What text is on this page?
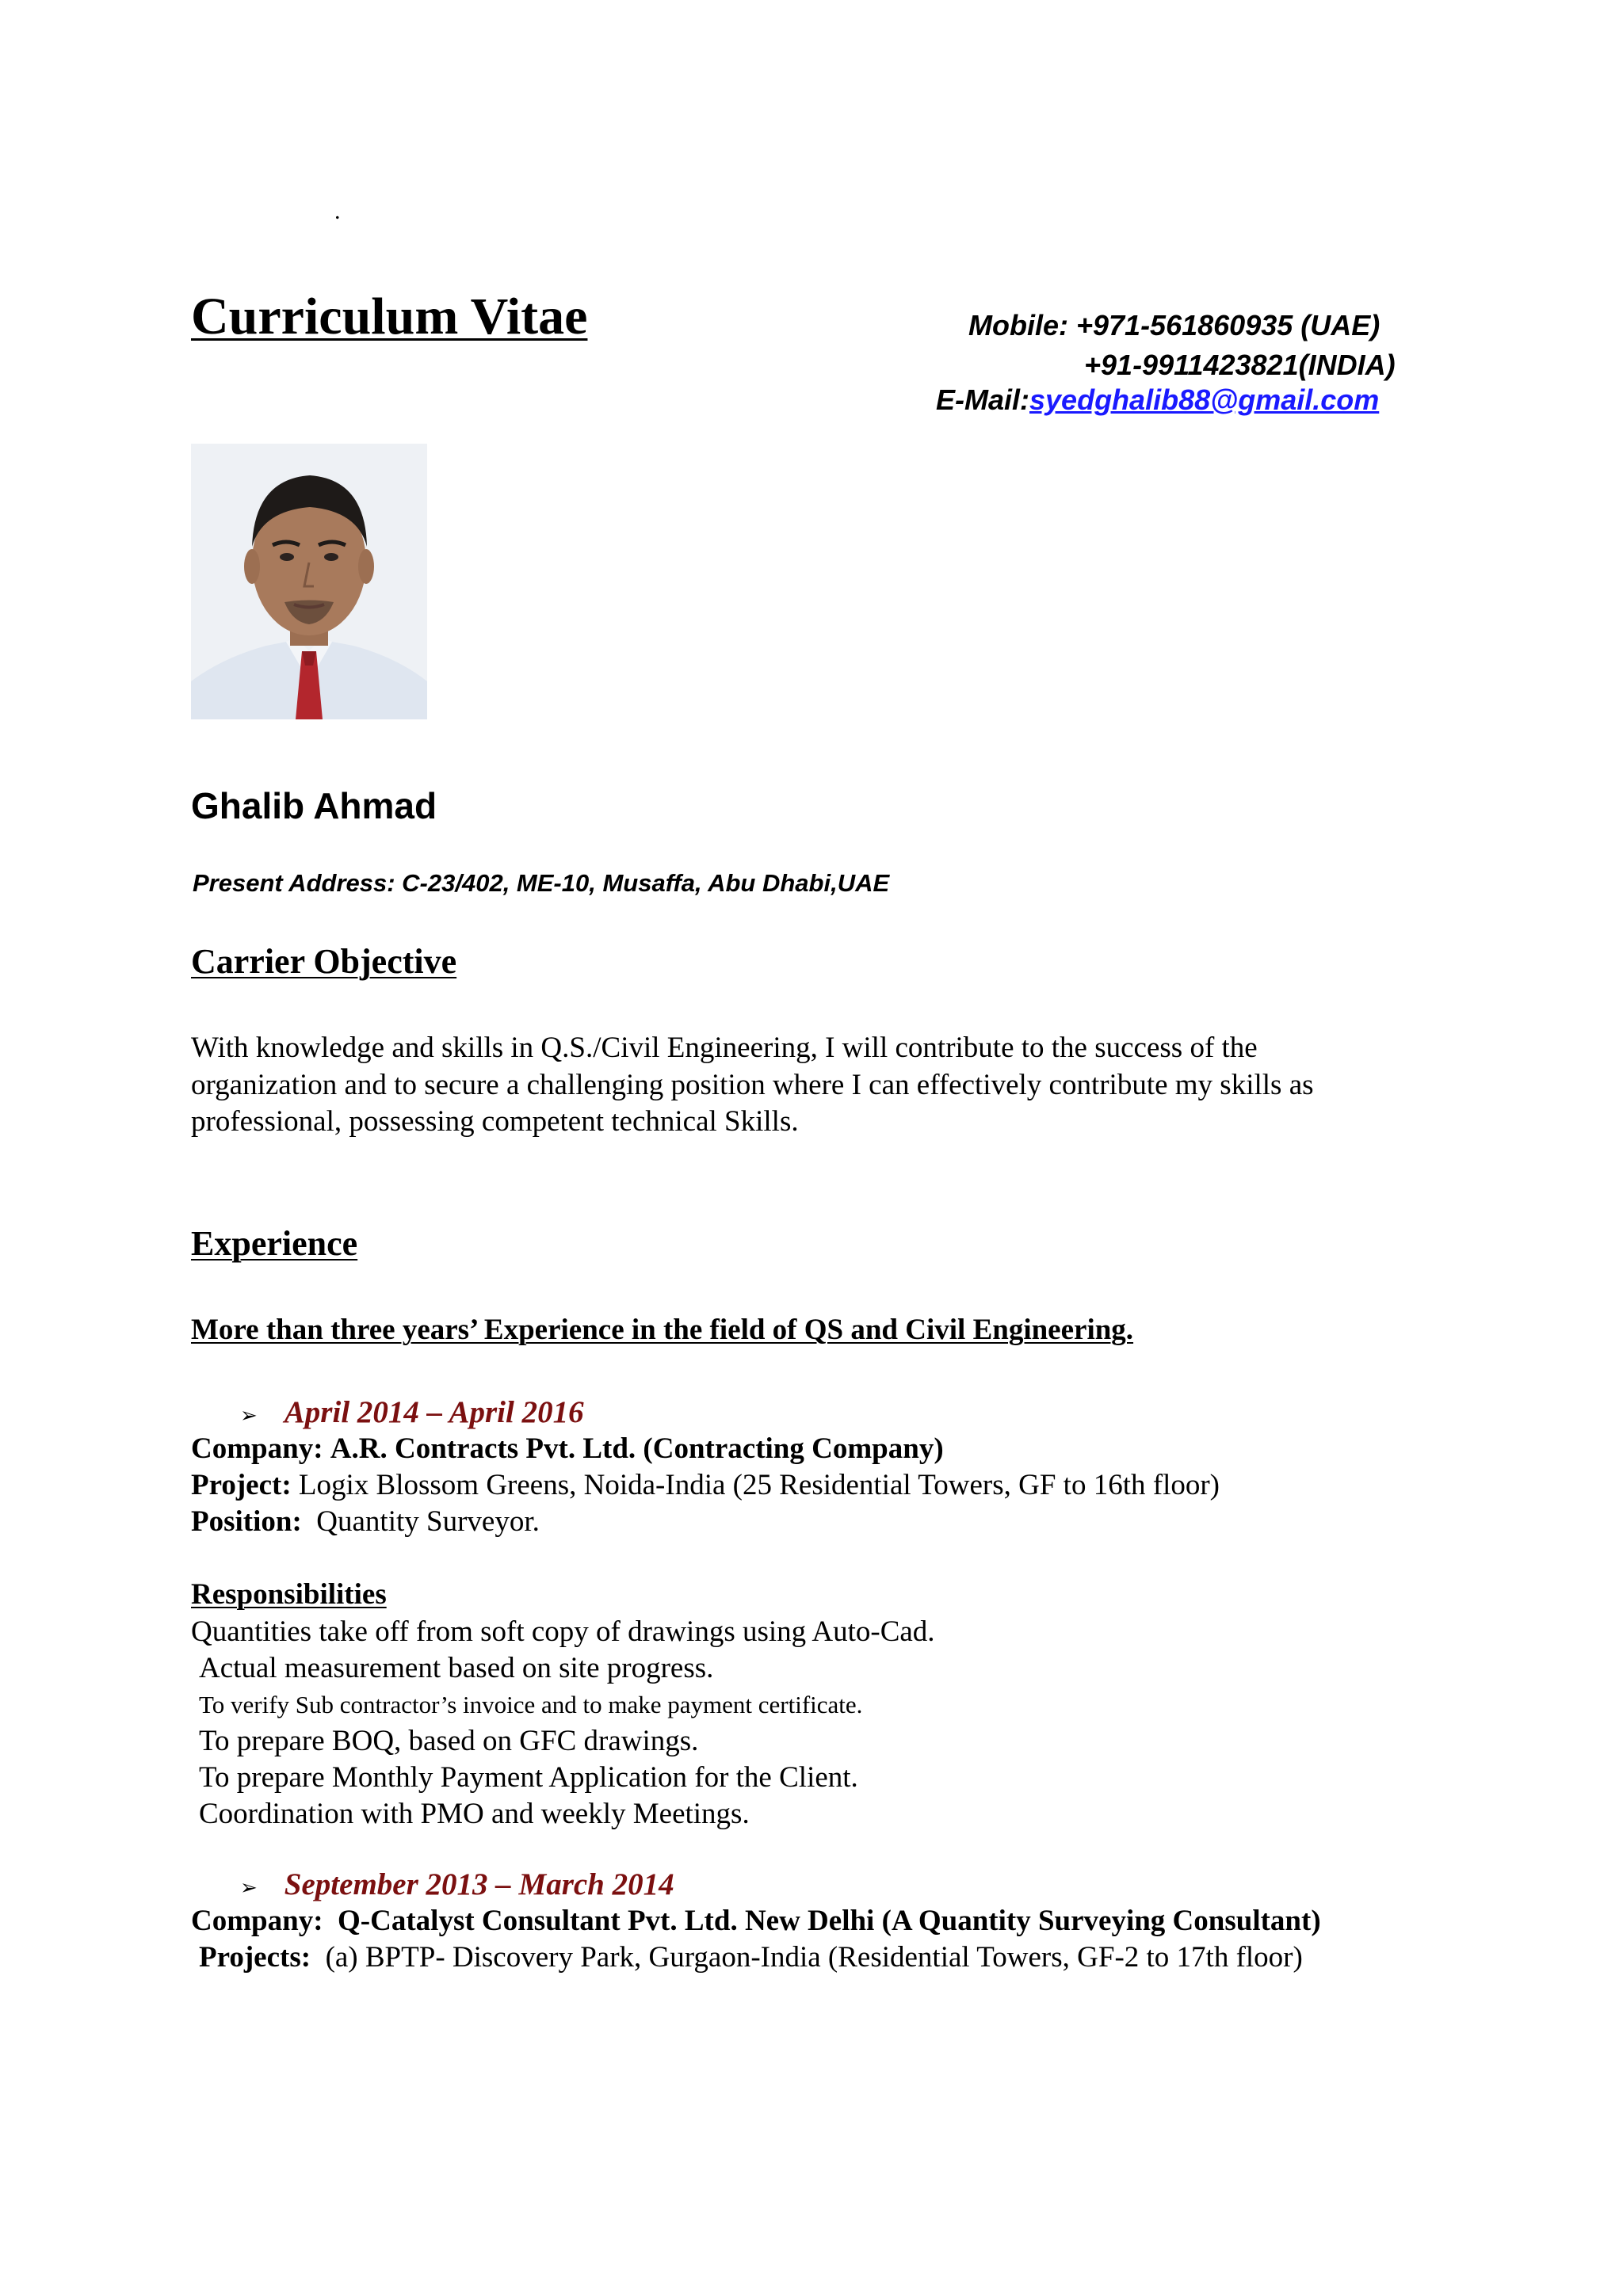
.
Curriculum Vitae	Mobile: +971-561860935 (UAE)
+91-9911423821(INDIA)
E-Mail:syedghalib88@gmail.com
Ghalib Ahmad
Present Address: C-23/402, ME-10, Musaffa, Abu Dhabi,UAE
Carrier Objective
With knowledge and skills in Q.S./Civil Engineering, I will contribute to the success of the
organization and to secure a challenging position where I can effectively contribute my skills as
professional, possessing competent technical Skills.
Experience
More than three years’ Experience in the field of QS and Civil Engineering.
➢ April 2014 – April 2016
Company: A.R. Contracts Pvt. Ltd. (Contracting Company)
Project: Logix Blossom Greens, Noida-India (25 Residential Towers, GF to 16th floor)
Position: Quantity Surveyor.
Responsibilities
Quantities take off from soft copy of drawings using Auto-Cad.
Actual measurement based on site progress.
To verify Sub contractor’s invoice and to make payment certificate.
To prepare BOQ, based on GFC drawings.
To prepare Monthly Payment Application for the Client.
Coordination with PMO and weekly Meetings.
➢ September 2013 – March 2014
Company: Q-Catalyst Consultant Pvt. Ltd. New Delhi (A Quantity Surveying Consultant)
Projects: (a) BPTP- Discovery Park, Gurgaon-India (Residential Towers, GF-2 to 17th floor)
